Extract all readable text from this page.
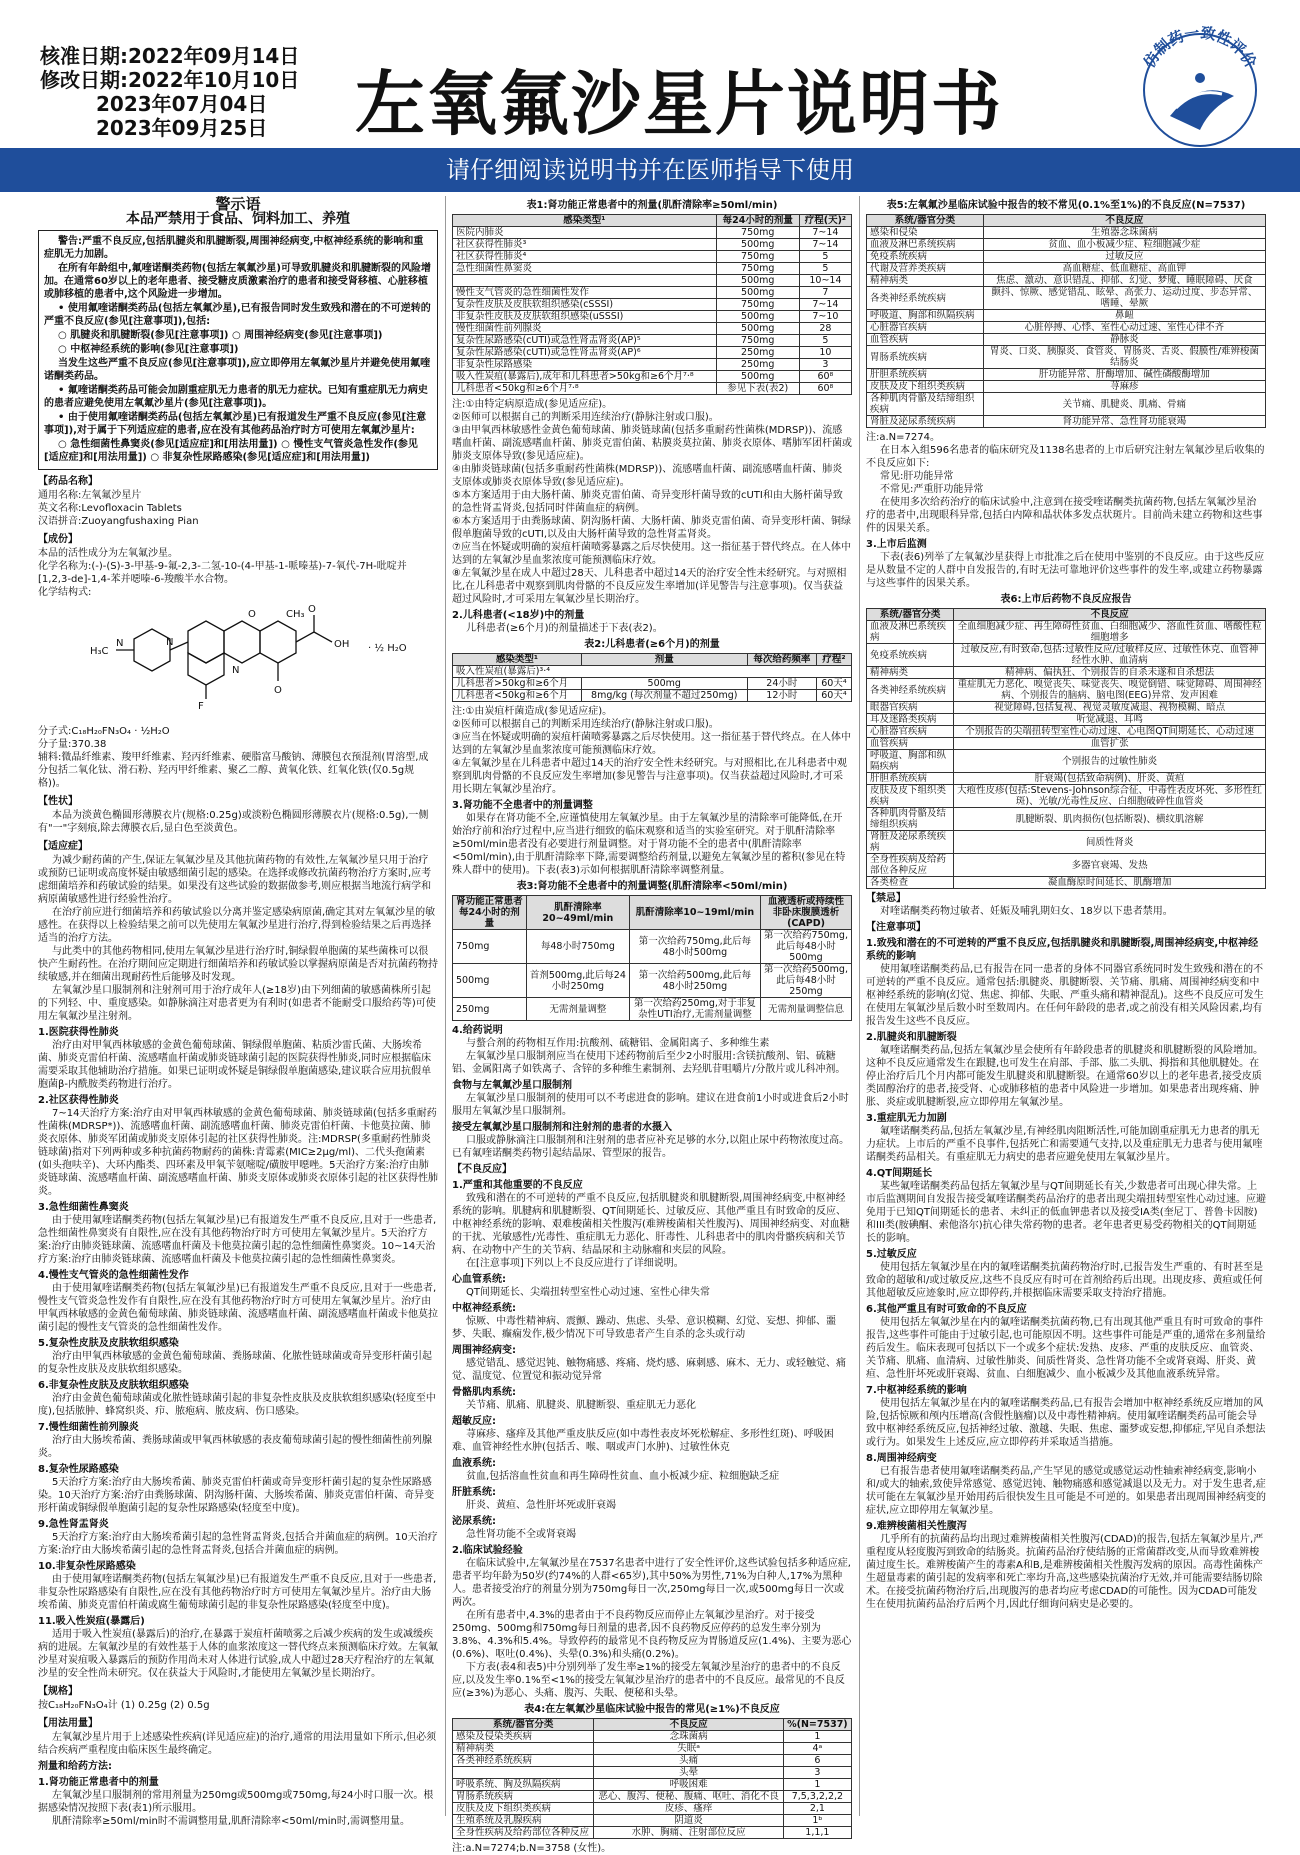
核准日期:2022年09月14日
修改日期:2022年10月10日
2023年07月04日
2023年09月25日	左氧氟沙星片说明书
仿制药一致性评价
请仔细阅读说明书并在医师指导下使用
警示语
本品严禁用于食品、饲料加工、养殖

警告:严重不良反应,包括肌腱炎和肌腱断裂,周围神经病变,中枢神经系统的影响和重症肌无力加剧。

在所有年龄组中,氟喹诺酮类药物(包括左氧氟沙星)可导致肌腱炎和肌腱断裂的风险增加。在通常60岁以上的老年患者、接受糖皮质激素治疗的患者和接受肾移植、心脏移植或肺移植的患者中,这个风险进一步增加。

• 使用氟喹诺酮类药品(包括左氧氟沙星),已有报告同时发生致残和潜在的不可逆转的严重不良反应(参见[注意事项]),包括:

○ 肌腱炎和肌腱断裂(参见[注意事项]) ○ 周围神经病变(参见[注意事项])

○ 中枢神经系统的影响(参见[注意事项])

当发生这些严重不良反应(参见[注意事项]),应立即停用左氧氟沙星片并避免使用氟喹诺酮类药品。

• 氟喹诺酮类药品可能会加剧重症肌无力患者的肌无力症状。已知有重症肌无力病史的患者应避免使用左氧氟沙星片(参见[注意事项])。

• 由于使用氟喹诺酮类药品(包括左氧氟沙星)已有报道发生严重不良反应(参见[注意事项]),对于属于下列适应症的患者,应在没有其他药品治疗时方可使用左氧氟沙星片:

○ 急性细菌性鼻窦炎(参见[适应症]和[用法用量]) ○ 慢性支气管炎急性发作(参见[适应症]和[用法用量]) ○ 非复杂性尿路感染(参见[适应症]和[用法用量])

【药品名称】

通用名称:左氧氟沙星片

英文名称:Levofloxacin Tablets

汉语拼音:Zuoyangfushaxing Pian

【成份】

本品的活性成分为左氧氟沙星。

化学名称为:(-)-(S)-3-甲基-9-氟-2,3-二氢-10-(4-甲基-1-哌嗪基)-7-氧代-7H-吡啶并[1,2,3-de]-1,4-苯并噁嗪-6-羧酸半水合物。

化学结构式:

H₃C
N	N
F
O
O
O
OH
N
CH₃
· ½ H₂O
分子式:C₁₈H₂₀FN₃O₄ · ½H₂O
分子量:370.38

辅料:微晶纤维素、羧甲纤维素、羟丙纤维素、硬脂富马酸钠、薄膜包衣预混剂(胃溶型,成分包括二氧化钛、滑石粉、羟丙甲纤维素、聚乙二醇、黄氧化铁、红氧化铁(仅0.5g规格))。

【性状】

本品为淡黄色椭圆形薄膜衣片(规格:0.25g)或淡粉色椭圆形薄膜衣片(规格:0.5g),一侧有"一"字刻痕,除去薄膜衣后,显白色至淡黄色。

【适应症】

为减少耐药菌的产生,保证左氧氟沙星及其他抗菌药物的有效性,左氧氟沙星只用于治疗或预防已证明或高度怀疑由敏感细菌引起的感染。在选择或修改抗菌药物治疗方案时,应考虑细菌培养和药敏试验的结果。如果没有这些试验的数据做参考,则应根据当地流行病学和病原菌敏感性进行经验性治疗。

在治疗前应进行细菌培养和药敏试验以分离并鉴定感染病原菌,确定其对左氧氟沙星的敏感性。在获得以上检验结果之前可以先使用左氧氟沙星进行治疗,得到检验结果之后再选择适当的治疗方法。

与此类中的其他药物相同,使用左氧氟沙星进行治疗时,铜绿假单胞菌的某些菌株可以很快产生耐药性。在治疗期间应定期进行细菌培养和药敏试验以掌握病原菌是否对抗菌药物持续敏感,并在细菌出现耐药性后能够及时发现。

左氧氟沙星口服制剂和注射剂可用于治疗成年人(≥18岁)由下列细菌的敏感菌株所引起的下列轻、中、重度感染。如静脉滴注对患者更为有利时(如患者不能耐受口服给药等)可使用左氧氟沙星注射剂。

1.医院获得性肺炎

治疗由对甲氧西林敏感的金黄色葡萄球菌、铜绿假单胞菌、粘质沙雷氏菌、大肠埃希菌、肺炎克雷伯杆菌、流感嗜血杆菌或肺炎链球菌引起的医院获得性肺炎,同时应根据临床需要采取其他辅助治疗措施。如果已证明或怀疑是铜绿假单胞菌感染,建议联合应用抗假单胞菌β-内酰胺类药物进行治疗。

2.社区获得性肺炎

7~14天治疗方案:治疗由对甲氧西林敏感的金黄色葡萄球菌、肺炎链球菌(包括多重耐药性菌株(MDRSP*))、流感嗜血杆菌、副流感嗜血杆菌、肺炎克雷伯杆菌、卡他莫拉菌、肺炎衣原体、肺炎军团菌或肺炎支原体引起的社区获得性肺炎。注:MDRSP(多重耐药性肺炎链球菌)指对下列两种或多种抗菌药物耐药的菌株:青霉素(MIC≥2μg/ml)、二代头孢菌素(如头孢呋辛)、大环内酯类、四环素及甲氧苄氨嘧啶/磺胺甲噁唑。5天治疗方案:治疗由肺炎链球菌、流感嗜血杆菌、副流感嗜血杆菌、肺炎支原体或肺炎衣原体引起的社区获得性肺炎。

3.急性细菌性鼻窦炎

由于使用氟喹诺酮类药物(包括左氧氟沙星)已有报道发生严重不良反应,且对于一些患者,急性细菌性鼻窦炎有自限性,应在没有其他药物治疗时方可使用左氧氟沙星片。5天治疗方案:治疗由肺炎链球菌、流感嗜血杆菌及卡他莫拉菌引起的急性细菌性鼻窦炎。10~14天治疗方案:治疗由肺炎链球菌、流感嗜血杆菌及卡他莫拉菌引起的急性细菌性鼻窦炎。

4.慢性支气管炎的急性细菌性发作

由于使用氟喹诺酮类药物(包括左氧氟沙星)已有报道发生严重不良反应,且对于一些患者,慢性支气管炎急性发作有自限性,应在没有其他药物治疗时方可使用左氧氟沙星片。治疗由甲氧西林敏感的金黄色葡萄球菌、肺炎链球菌、流感嗜血杆菌、副流感嗜血杆菌或卡他莫拉菌引起的慢性支气管炎的急性细菌性发作。

5.复杂性皮肤及皮肤软组织感染

治疗由甲氧西林敏感的金黄色葡萄球菌、粪肠球菌、化脓性链球菌或奇异变形杆菌引起的复杂性皮肤及皮肤软组织感染。

6.非复杂性皮肤及皮肤软组织感染

治疗由金黄色葡萄球菌或化脓性链球菌引起的非复杂性皮肤及皮肤软组织感染(轻度至中度),包括脓肿、蜂窝织炎、疖、脓疱病、脓皮病、伤口感染。

7.慢性细菌性前列腺炎

治疗由大肠埃希菌、粪肠球菌或甲氧西林敏感的表皮葡萄球菌引起的慢性细菌性前列腺炎。

8.复杂性尿路感染

5天治疗方案:治疗由大肠埃希菌、肺炎克雷伯杆菌或奇异变形杆菌引起的复杂性尿路感染。10天治疗方案:治疗由粪肠球菌、阴沟肠杆菌、大肠埃希菌、肺炎克雷伯杆菌、奇异变形杆菌或铜绿假单胞菌引起的复杂性尿路感染(轻度至中度)。

9.急性肾盂肾炎

5天治疗方案:治疗由大肠埃希菌引起的急性肾盂肾炎,包括合并菌血症的病例。10天治疗方案:治疗由大肠埃希菌引起的急性肾盂肾炎,包括合并菌血症的病例。

10.非复杂性尿路感染

由于使用氟喹诺酮类药物(包括左氧氟沙星)已有报道发生严重不良反应,且对于一些患者,非复杂性尿路感染有自限性,应在没有其他药物治疗时方可使用左氧氟沙星片。治疗由大肠埃希菌、肺炎克雷伯杆菌或腐生葡萄球菌引起的非复杂性尿路感染(轻度至中度)。

11.吸入性炭疽(暴露后)

适用于吸入性炭疽(暴露后)的治疗,在暴露于炭疽杆菌喷雾之后减少疾病的发生或减缓疾病的进展。左氧氟沙星的有效性基于人体的血浆浓度这一替代终点来预测临床疗效。左氧氟沙星对炭疽吸入暴露后的预防作用尚未对人体进行试验,成人中超过28天疗程治疗的左氧氟沙星的安全性尚未研究。仅在获益大于风险时,才能使用左氧氟沙星长期治疗。

【规格】

按C₁₈H₂₀FN₃O₄计 (1) 0.25g (2) 0.5g

【用法用量】

左氧氟沙星片用于上述感染性疾病(详见适应症)的治疗,通常的用法用量如下所示,但必须结合疾病严重程度由临床医生最终确定。

剂量和给药方法:
1.肾功能正常患者中的剂量

左氧氟沙星口服制剂的常用剂量为250mg或500mg或750mg,每24小时口服一次。根据感染情况按照下表(表1)所示服用。

肌酐清除率≥50ml/min时不需调整用量,肌酐清除率<50ml/min时,需调整用量。

表1:肾功能正常患者中的剂量(肌酐清除率≥50ml/min)
感染类型¹	每24小时的剂量	疗程(天)²
医院内肺炎	750mg	7~14
社区获得性肺炎³	500mg	7~14
社区获得性肺炎⁴	750mg	5
急性细菌性鼻窦炎	750mg	5
	500mg	10~14
慢性支气管炎的急性细菌性发作	500mg	7
复杂性皮肤及皮肤软组织感染(cSSSI)	750mg	7~14
非复杂性皮肤及皮肤软组织感染(uSSSI)	500mg	7~10
慢性细菌性前列腺炎	500mg	28
复杂性尿路感染(cUTI)或急性肾盂肾炎(AP)⁵	750mg	5
复杂性尿路感染(cUTI)或急性肾盂肾炎(AP)⁶	250mg	10
非复杂性尿路感染	250mg	3
吸入性炭疽(暴露后),成年和儿科患者>50kg和≥6个月⁷·⁸	500mg	60⁸
儿科患者<50kg和≥6个月⁷·⁸	参见下表(表2)	60⁸

注:①由特定病原造成(参见适应症)。

②医师可以根据自己的判断采用连续治疗(静脉注射或口服)。

③由甲氧西林敏感性金黄色葡萄球菌、肺炎链球菌(包括多重耐药性菌株(MDRSP))、流感嗜血杆菌、副流感嗜血杆菌、肺炎克雷伯菌、粘膜炎莫拉菌、肺炎衣原体、嗜肺军团杆菌或肺炎支原体导致(参见适应症)。

④由肺炎链球菌(包括多重耐药性菌株(MDRSP))、流感嗜血杆菌、副流感嗜血杆菌、肺炎支原体或肺炎衣原体导致(参见适应症)。

⑤本方案适用于由大肠杆菌、肺炎克雷伯菌、奇异变形杆菌导致的cUTI和由大肠杆菌导致的急性肾盂肾炎,包括同时伴菌血症的病例。

⑥本方案适用于由粪肠球菌、阴沟肠杆菌、大肠杆菌、肺炎克雷伯菌、奇异变形杆菌、铜绿假单胞菌导致的cUTI,以及由大肠杆菌导致的急性肾盂肾炎。

⑦应当在怀疑或明确的炭疽杆菌喷雾暴露之后尽快使用。这一指征基于替代终点。在人体中达到的左氧氟沙星血浆浓度可能预测临床疗效。

⑧左氧氟沙星在成人中超过28天、儿科患者中超过14天的治疗安全性未经研究。与对照相比,在儿科患者中观察到肌肉骨骼的不良反应发生率增加(详见警告与注意事项)。仅当获益超过风险时,才可采用左氧氟沙星长期治疗。

2.儿科患者(<18岁)中的剂量

儿科患者(≥6个月)的剂量描述于下表(表2)。

表2:儿科患者(≥6个月)的剂量
感染类型¹	剂量	每次给药频率	疗程²
吸入性炭疽(暴露后)³·⁴			
儿科患者>50kg和≥6个月	500mg	24小时	60天⁴
儿科患者<50kg和≥6个月	8mg/kg (每次剂量不超过250mg)	12小时	60天⁴

注:①由炭疽杆菌造成(参见适应症)。

②医师可以根据自己的判断采用连续治疗(静脉注射或口服)。

③应当在怀疑或明确的炭疽杆菌喷雾暴露之后尽快使用。这一指征基于替代终点。在人体中达到的左氧氟沙星血浆浓度可能预测临床疗效。

④左氧氟沙星在儿科患者中超过14天的治疗安全性未经研究。与对照相比,在儿科患者中观察到肌肉骨骼的不良反应发生率增加(参见警告与注意事项)。仅当获益超过风险时,才可采用长期左氧氟沙星治疗。

3.肾功能不全患者中的剂量调整

如果存在肾功能不全,应谨慎使用左氧氟沙星。由于左氧氟沙星的清除率可能降低,在开始治疗前和治疗过程中,应当进行细致的临床观察和适当的实验室研究。对于肌酐清除率≥50ml/min患者没有必要进行剂量调整。对于肾功能不全的患者中(肌酐清除率<50ml/min),由于肌酐清除率下降,需要调整给药剂量,以避免左氧氟沙星的蓄积(参见在特殊人群中的使用)。下表(表3)示如何根据肌酐清除率调整剂量。

表3:肾功能不全患者中的剂量调整(肌酐清除率<50ml/min)
肾功能正常患者每24小时的剂量	肌酐清除率20~49ml/min	肌酐清除率10~19ml/min	血液透析或持续性非卧床腹膜透析(CAPD)
750mg	每48小时750mg	第一次给药750mg,此后每48小时500mg	第一次给药750mg,此后每48小时500mg
500mg	首剂500mg,此后每24小时250mg	第一次给药500mg,此后每48小时250mg	第一次给药500mg,此后每48小时250mg
250mg	无需剂量调整	第一次给药250mg,对于非复杂性UTI治疗,无需剂量调整	无需剂量调整信息
4.给药说明

与螯合剂的药物相互作用:抗酸剂、硫糖铝、金属阳离子、多种维生素

左氧氟沙星口服制剂应当在使用下述药物前后至少2小时服用:含镁抗酸剂、铝、硫糖铝、金属阳离子如铁离子、含锌的多种维生素制剂、去羟肌苷咀嚼片/分散片或儿科冲剂。

食物与左氧氟沙星口服制剂

左氧氟沙星口服制剂的使用可以不考虑进食的影响。建议在进食前1小时或进食后2小时服用左氧氟沙星口服制剂。

接受左氧氟沙星口服制剂和注射剂的患者的水摄入

口服或静脉滴注口服制剂和注射剂的患者应补充足够的水分,以阻止尿中药物浓度过高。已有氟喹诺酮类药物引起结晶尿、管型尿的报告。

【不良反应】
1.严重和其他重要的不良反应

致残和潜在的不可逆转的严重不良反应,包括肌腱炎和肌腱断裂,周围神经病变,中枢神经系统的影响。肌腱病和肌腱断裂、QT间期延长、过敏反应、其他严重且有时致命的反应、中枢神经系统的影响、艰难梭菌相关性腹泻(难辨梭菌相关性腹泻)、周围神经病变、对血糖的干扰、光敏感性/光毒性、重症肌无力恶化、肝毒性、儿科患者中的肌肉骨骼疾病和关节病、在动物中产生的关节病、结晶尿和主动脉瘤和夹层的风险。

在[注意事项]下列以上不良反应进行了详细说明。

心血管系统:

QT间期延长、尖端扭转型室性心动过速、室性心律失常

中枢神经系统:

惊厥、中毒性精神病、震颤、躁动、焦虑、头晕、意识模糊、幻觉、妄想、抑郁、噩梦、失眠、癫痫发作,极少情况下可导致患者产生自杀的念头或行动

周围神经病变:

感觉错乱、感觉迟钝、触物痛感、疼痛、烧灼感、麻刺感、麻木、无力、或轻触觉、痛觉、温度觉、位置觉和振动觉异常

骨骼肌肉系统:

关节痛、肌痛、肌腱炎、肌腱断裂、重症肌无力恶化

超敏反应:

荨麻疹、瘙痒及其他严重皮肤反应(如中毒性表皮坏死松解症、多形性红斑)、呼吸困难、血管神经性水肿(包括舌、喉、咽或声门水肿)、过敏性休克

血液系统:

贫血,包括溶血性贫血和再生障碍性贫血、血小板减少症、粒细胞缺乏症

肝脏系统:

肝炎、黄疸、急性肝坏死或肝衰竭

泌尿系统:

急性肾功能不全或肾衰竭

2.临床试验经验

在临床试验中,左氧氟沙星在7537名患者中进行了安全性评价,这些试验包括多种适应症,患者平均年龄为50岁(约74%的人群<65岁),其中50%为男性,71%为白种人,17%为黑种人。患者接受治疗的剂量分别为750mg每日一次,250mg每日一次,或500mg每日一次或两次。

在所有患者中,4.3%的患者由于不良药物反应而停止左氧氟沙星治疗。对于接受250mg、500mg和750mg每日剂量的患者,因不良药物反应停药的总发生率分别为3.8%、4.3%和5.4%。导致停药的最常见不良药物反应为胃肠道反应(1.4%)、主要为恶心(0.6%)、呕吐(0.4%)、头晕(0.3%)和头痛(0.2%)。

下方表(表4和表5)中分别列举了发生率≥1%的接受左氧氟沙星治疗的患者中的不良反应,以及发生率0.1%至<1%的接受左氧氟沙星治疗的患者中的不良反应。最常见的不良反应(≥3%)为恶心、头痛、腹泻、失眠、便秘和头晕。

表4:在左氧氟沙星临床试验中报告的常见(≥1%)不良反应
系统/器官分类	不良反应	%(N=7537)
感染及侵染类疾病	念珠菌病	1
精神病类	失眠ᵃ	4ᵃ
各类神经系统疾病	头痛	6
	头晕	3
呼吸系统、胸及纵隔疾病	呼吸困难	1
胃肠系统疾病	恶心、腹泻、便秘、腹痛、呕吐、消化不良	7,5,3,2,2,2
皮肤及皮下组织类疾病	皮疹、瘙痒	2,1
生殖系统及乳腺疾病	阴道炎	1ᵇ
全身性疾病及给药部位各种反应	水肿、胸痛、注射部位反应	1,1,1
注:a.N=7274;b.N=3758 (女性)。
表5:左氧氟沙星临床试验中报告的较不常见(0.1%至1%)的不良反应(N=7537)
系统/器官分类	不良反应
感染和侵染	生殖器念珠菌病
血液及淋巴系统疾病	贫血、血小板减少症、粒细胞减少症
免疫系统疾病	过敏反应
代谢及营养类疾病	高血糖症、低血糖症、高血钾
精神病类	焦虑、激动、意识错乱、抑郁、幻觉、梦魇、睡眠障碍、厌食
各类神经系统疾病	颤抖、惊厥、感觉错乱、眩晕、高张力、运动过度、步态异常、嗜睡、晕厥
呼吸道、胸部和纵隔疾病	鼻衄
心脏器官疾病	心脏停搏、心悸、室性心动过速、室性心律不齐
血管疾病	静脉炎
胃肠系统疾病	胃炎、口炎、胰腺炎、食管炎、胃肠炎、舌炎、假膜性/难辨梭菌结肠炎
肝胆系统疾病	肝功能异常、肝酶增加、碱性磷酸酶增加
皮肤及皮下组织类疾病	荨麻疹
各种肌肉骨骼及结缔组织疾病	关节痛、肌腱炎、肌痛、骨痛
肾脏及泌尿系统疾病	肾功能异常、急性肾功能衰竭
注:a.N=7274。

在日本入组596名患者的临床研究及1138名患者的上市后研究注射左氧氟沙星后收集的不良反应如下:

常见:肝功能异常

不常见:严重肝功能异常

在使用多次给药治疗的临床试验中,注意到在接受喹诺酮类抗菌药物,包括左氧氟沙星治疗的患者中,出现眼科异常,包括白内障和晶状体多发点状斑片。目前尚未建立药物和这些事件的因果关系。

3.上市后监测

下表(表6)列举了左氧氟沙星获得上市批准之后在使用中鉴别的不良反应。由于这些反应是从数量不定的人群中自发报告的,有时无法可靠地评价这些事件的发生率,或建立药物暴露与这些事件的因果关系。

表6:上市后药物不良反应报告
系统/器官分类	不良反应
血液及淋巴系统疾病	全血细胞减少症、再生障碍性贫血、白细胞减少、溶血性贫血、嗜酸性粒细胞增多
免疫系统疾病	过敏反应,有时致命,包括:过敏性反应/过敏样反应、过敏性休克、血管神经性水肿、血清病
精神病类	精神病、偏执狂、个别报告的自杀未遂和自杀想法
各类神经系统疾病	重症肌无力恶化、嗅觉丧失、味觉丧失、嗅觉倒错、味觉障碍、周围神经病、个别报告的脑病、脑电图(EEG)异常、发声困难
眼器官疾病	视觉障碍,包括复视、视觉灵敏度减退、视物模糊、暗点
耳及迷路类疾病	听觉减退、耳鸣
心脏器官疾病	个别报告的尖端扭转型室性心动过速、心电图QT间期延长、心动过速
血管疾病	血管扩张
呼吸道、胸部和纵隔疾病	个别报告的过敏性肺炎
肝胆系统疾病	肝衰竭(包括致命病例)、肝炎、黄疸
皮肤及皮下组织类疾病	大疱性皮疹(包括:Stevens-Johnson综合征、中毒性表皮坏死、多形性红斑)、光敏/光毒性反应、白细胞破碎性血管炎
各种肌肉骨骼及结缔组织疾病	肌腱断裂、肌肉损伤(包括断裂)、横纹肌溶解
肾脏及泌尿系统疾病	间质性肾炎
全身性疾病及给药部位各种反应	多器官衰竭、发热
各类检查	凝血酶原时间延长、肌酶增加
【禁忌】

对喹诺酮类药物过敏者、妊娠及哺乳期妇女、18岁以下患者禁用。

【注意事项】
1.致残和潜在的不可逆转的严重不良反应,包括肌腱炎和肌腱断裂,周围神经病变,中枢神经系统的影响

使用氟喹诺酮类药品,已有报告在同一患者的身体不同器官系统同时发生致残和潜在的不可逆转的严重不良反应。通常包括:肌腱炎、肌腱断裂、关节痛、肌痛、周围神经病变和中枢神经系统的影响(幻觉、焦虑、抑郁、失眠、严重头痛和精神混乱)。这些不良反应可发生在使用左氧氟沙星后数小时至数周内。在任何年龄段的患者,或之前没有相关风险因素,均有报告发生这些不良反应。

2.肌腱炎和肌腱断裂

氟喹诺酮类药品,包括左氧氟沙星会使所有年龄段患者的肌腱炎和肌腱断裂的风险增加。这种不良反应通常发生在跟腱,也可发生在肩部、手部、肱二头肌、拇指和其他肌腱处。在停止治疗后几个月内都可能发生肌腱炎和肌腱断裂。在通常60岁以上的老年患者,接受皮质类固醇治疗的患者,接受肾、心或肺移植的患者中风险进一步增加。如果患者出现疼痛、肿胀、炎症或肌腱断裂,应立即停用左氧氟沙星。

3.重症肌无力加剧

氟喹诺酮类药品,包括左氧氟沙星,有神经肌肉阻断活性,可能加剧重症肌无力患者的肌无力症状。上市后的严重不良事件,包括死亡和需要通气支持,以及重症肌无力患者与使用氟喹诺酮类药品相关。有重症肌无力病史的患者应避免使用左氧氟沙星片。

4.QT间期延长

某些氟喹诺酮类药品包括左氧氟沙星与QT间期延长有关,少数患者可出现心律失常。上市后监测期间自发报告接受氟喹诺酮类药品治疗的患者出现尖端扭转型室性心动过速。应避免用于已知QT间期延长的患者、未纠正的低血钾患者以及接受IA类(奎尼丁、普鲁卡因胺)和III类(胺碘酮、索他洛尔)抗心律失常药物的患者。老年患者更易受药物相关的QT间期延长的影响。

5.过敏反应

使用包括左氧氟沙星在内的氟喹诺酮类抗菌药物治疗时,已报告发生严重的、有时甚至是致命的超敏和/或过敏反应,这些不良反应有时可在首剂给药后出现。出现皮疹、黄疸或任何其他超敏反应迹象时,应立即停药,并根据临床需要采取支持治疗措施。

6.其他严重且有时可致命的不良反应

使用包括左氧氟沙星在内的氟喹诺酮类抗菌药物,已有出现其他严重且有时可致命的事件报告,这些事件可能由于过敏引起,也可能原因不明。这些事件可能是严重的,通常在多剂量给药后发生。临床表现可包括以下一个或多个症状:发热、皮疹、严重的皮肤反应、血管炎、关节痛、肌痛、血清病、过敏性肺炎、间质性肾炎、急性肾功能不全或肾衰竭、肝炎、黄疸、急性肝坏死或肝衰竭、贫血、白细胞减少、血小板减少及其他血液系统异常。

7.中枢神经系统的影响

使用包括左氧氟沙星在内的氟喹诺酮类药品,已有报告会增加中枢神经系统反应增加的风险,包括惊厥和颅内压增高(含假性脑瘤)以及中毒性精神病。使用氟喹诺酮类药品可能会导致中枢神经系统反应,包括神经过敏、激越、失眠、焦虑、噩梦或妄想,抑郁症,罕见自杀想法或行为。如果发生上述反应,应立即停药并采取适当措施。

8.周围神经病变

已有报告患者使用氟喹诺酮类药品,产生罕见的感觉或感觉运动性轴索神经病变,影响小和/或大的轴索,致使异常感觉、感觉迟钝、触物痛感和感觉减退以及无力。对于发生患者,症状可能在左氧氟沙星开始用药后很快发生且可能是不可逆的。如果患者出现周围神经病变的症状,应立即停用左氧氟沙星。

9.难辨梭菌相关性腹泻

几乎所有的抗菌药品均出现过难辨梭菌相关性腹泻(CDAD)的报告,包括左氧氟沙星片,严重程度从轻度腹泻到致命的结肠炎。抗菌药品治疗使结肠的正常菌群改变,从而导致难辨梭菌过度生长。难辨梭菌产生的毒素A和B,是难辨梭菌相关性腹泻发病的原因。高毒性菌株产生超量毒素的菌引起的发病率和死亡率均升高,这些感染抗菌治疗无效,并可能需要结肠切除术。在接受抗菌药物治疗后,出现腹泻的患者均应考虑CDAD的可能性。因为CDAD可能发生在使用抗菌药品治疗后两个月,因此仔细询问病史是必要的。
